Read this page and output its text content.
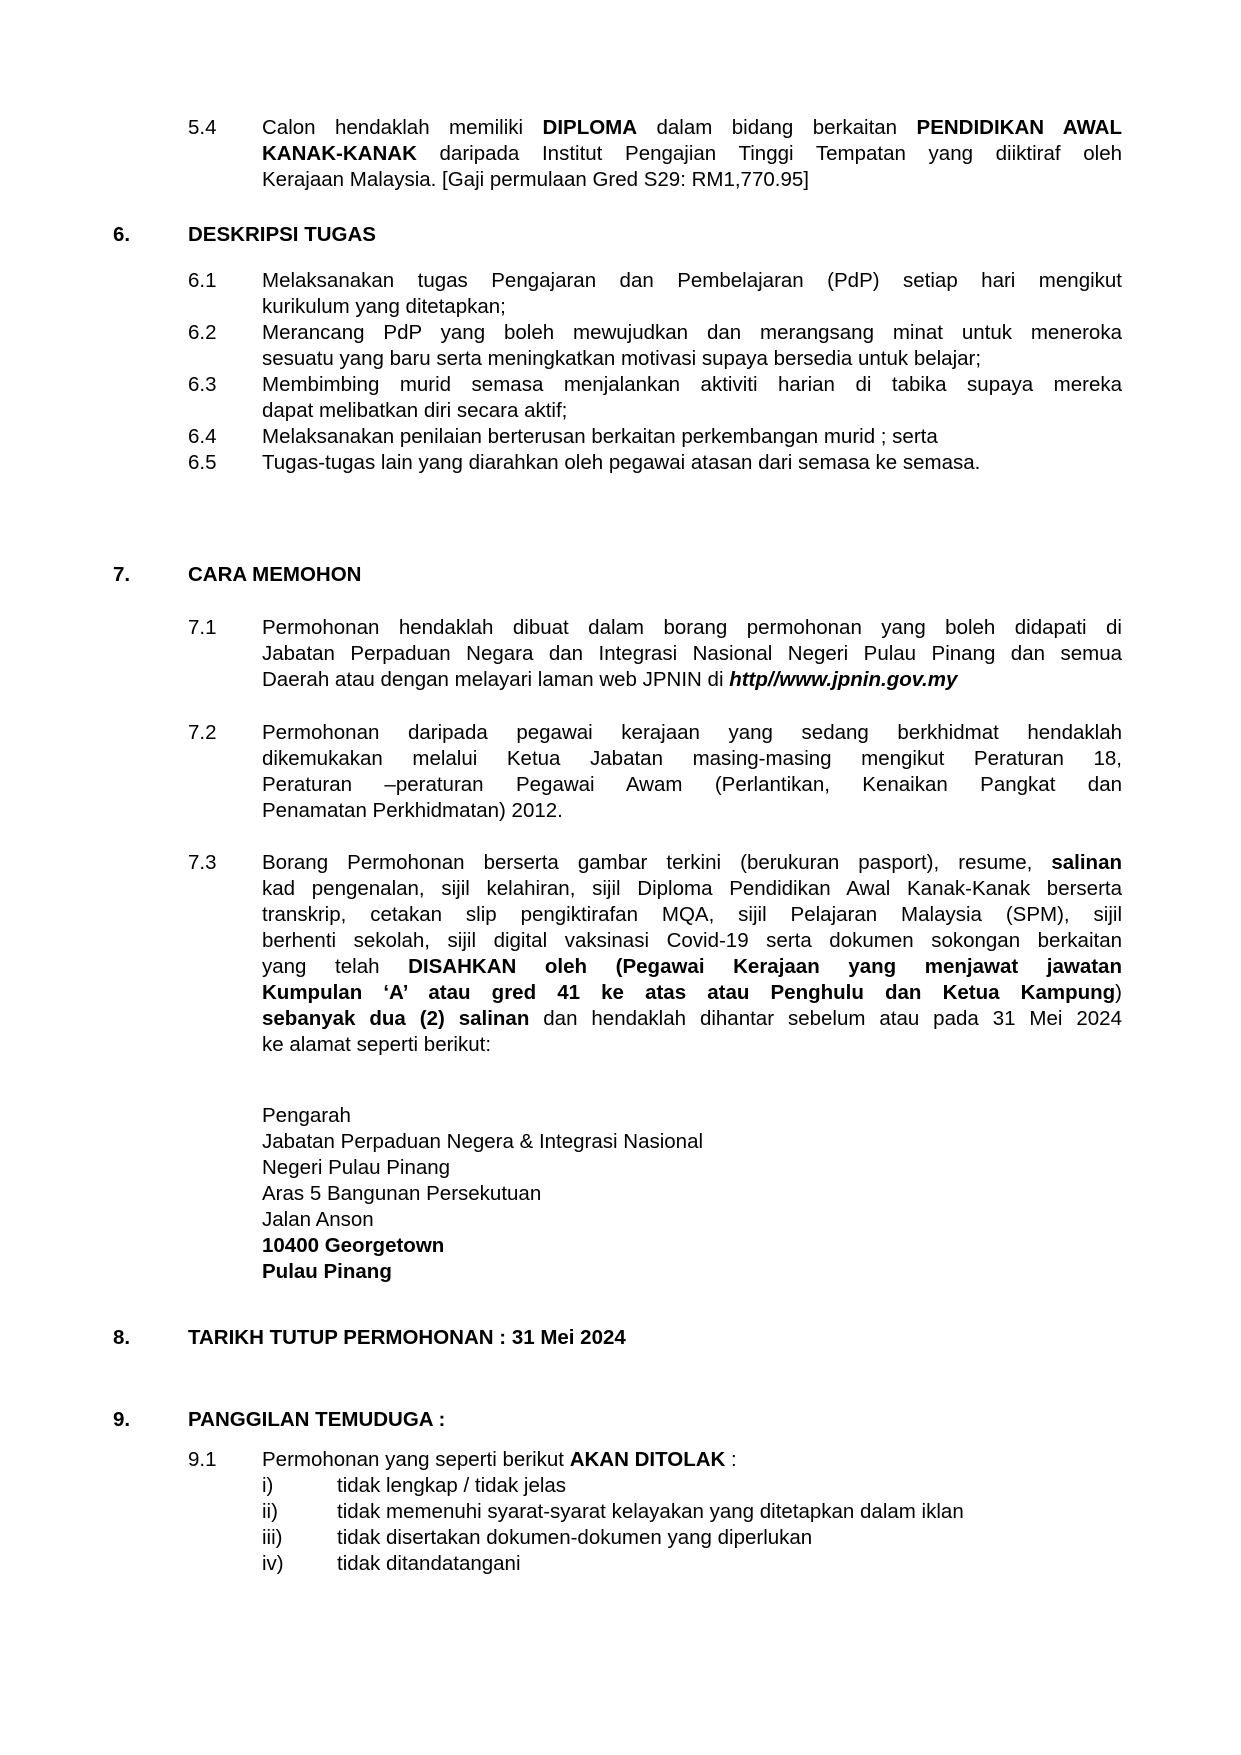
5.4 Calon hendaklah memiliki DIPLOMA dalam bidang berkaitan PENDIDIKAN AWAL
KANAK-KANAK daripada Institut Pengajian Tinggi Tempatan yang diiktiraf oleh
Kerajaan Malaysia. [Gaji permulaan Gred S29: RM1,770.95]
6.	DESKRIPSI TUGAS
6.1 Melaksanakan tugas Pengajaran dan Pembelajaran (PdP) setiap hari mengikut
kurikulum yang ditetapkan;
6.2 Merancang PdP yang boleh mewujudkan dan merangsang minat untuk meneroka
sesuatu yang baru serta meningkatkan motivasi supaya bersedia untuk belajar;
6.3 Membimbing murid semasa menjalankan aktiviti harian di tabika supaya mereka
dapat melibatkan diri secara aktif;
6.4 Melaksanakan penilaian berterusan berkaitan perkembangan murid ; serta
6.5 Tugas-tugas lain yang diarahkan oleh pegawai atasan dari semasa ke semasa.
7.	CARA MEMOHON
7.1 Permohonan hendaklah dibuat dalam borang permohonan yang boleh didapati di
Jabatan Perpaduan Negara dan Integrasi Nasional Negeri Pulau Pinang dan semua
Daerah atau dengan melayari laman web JPNIN di http//www.jpnin.gov.my
7.2 Permohonan daripada pegawai kerajaan yang sedang berkhidmat hendaklah
dikemukakan melalui Ketua Jabatan masing-masing mengikut Peraturan 18,
Peraturan –peraturan Pegawai Awam (Perlantikan, Kenaikan Pangkat dan
Penamatan Perkhidmatan) 2012.
7.3 Borang Permohonan berserta gambar terkini (berukuran pasport), resume, salinan
kad pengenalan, sijil kelahiran, sijil Diploma Pendidikan Awal Kanak-Kanak berserta
transkrip, cetakan slip pengiktirafan MQA, sijil Pelajaran Malaysia (SPM), sijil
berhenti sekolah, sijil digital vaksinasi Covid-19 serta dokumen sokongan berkaitan
yang telah DISAHKAN oleh (Pegawai Kerajaan yang menjawat jawatan
Kumpulan ‘A’ atau gred 41 ke atas atau Penghulu dan Ketua Kampung)
sebanyak dua (2) salinan dan hendaklah dihantar sebelum atau pada 31 Mei 2024
ke alamat seperti berikut:
Pengarah
Jabatan Perpaduan Negera & Integrasi Nasional
Negeri Pulau Pinang
Aras 5 Bangunan Persekutuan
Jalan Anson
10400 Georgetown
Pulau Pinang
8.	TARIKH TUTUP PERMOHONAN : 31 Mei 2024
9.	PANGGILAN TEMUDUGA :
9.1 Permohonan yang seperti berikut AKAN DITOLAK :
i)	tidak lengkap / tidak jelas
ii)	tidak memenuhi syarat-syarat kelayakan yang ditetapkan dalam iklan
iii)	tidak disertakan dokumen-dokumen yang diperlukan
iv)	tidak ditandatangani
